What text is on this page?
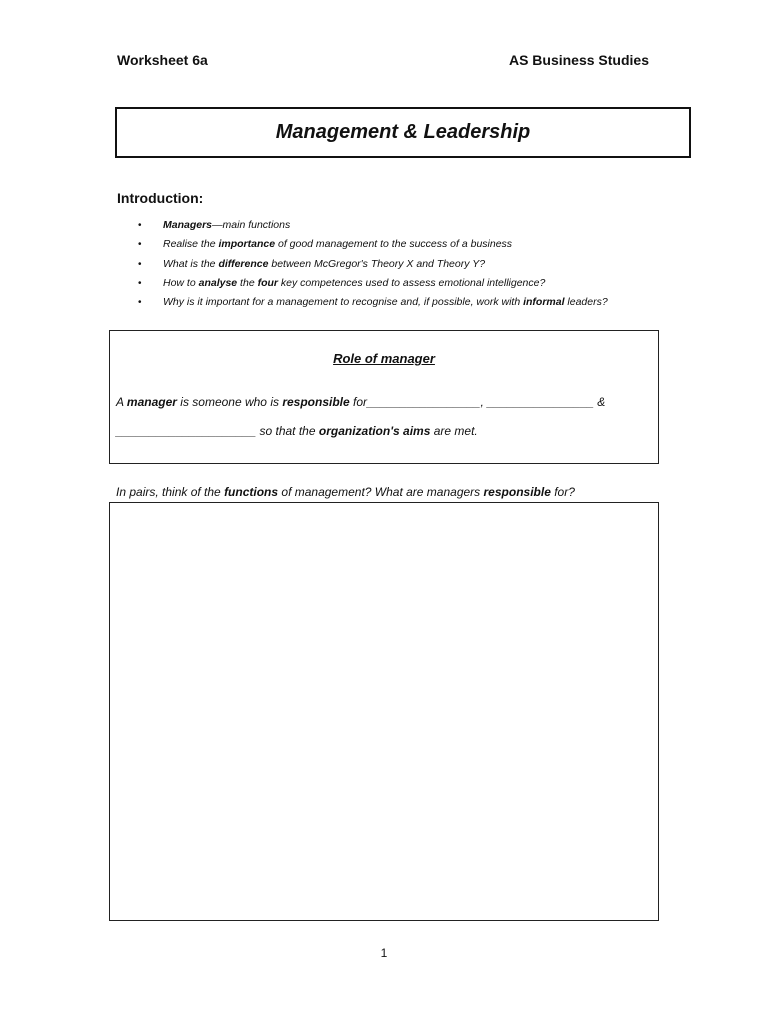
Worksheet 6a	AS Business Studies
Management & Leadership
Introduction:
• Managers—main functions
• Realise the importance of good management to the success of a business
• What is the difference between McGregor's Theory X and Theory Y?
• How to analyse the four key competences used to assess emotional intelligence?
• Why is it important for a management to recognise and, if possible, work with informal leaders?
Role of manager
A manager is someone who is responsible for_________________, ________________ &
_____________________ so that the organization's aims are met.
In pairs, think of the functions of management? What are managers responsible for?
1
